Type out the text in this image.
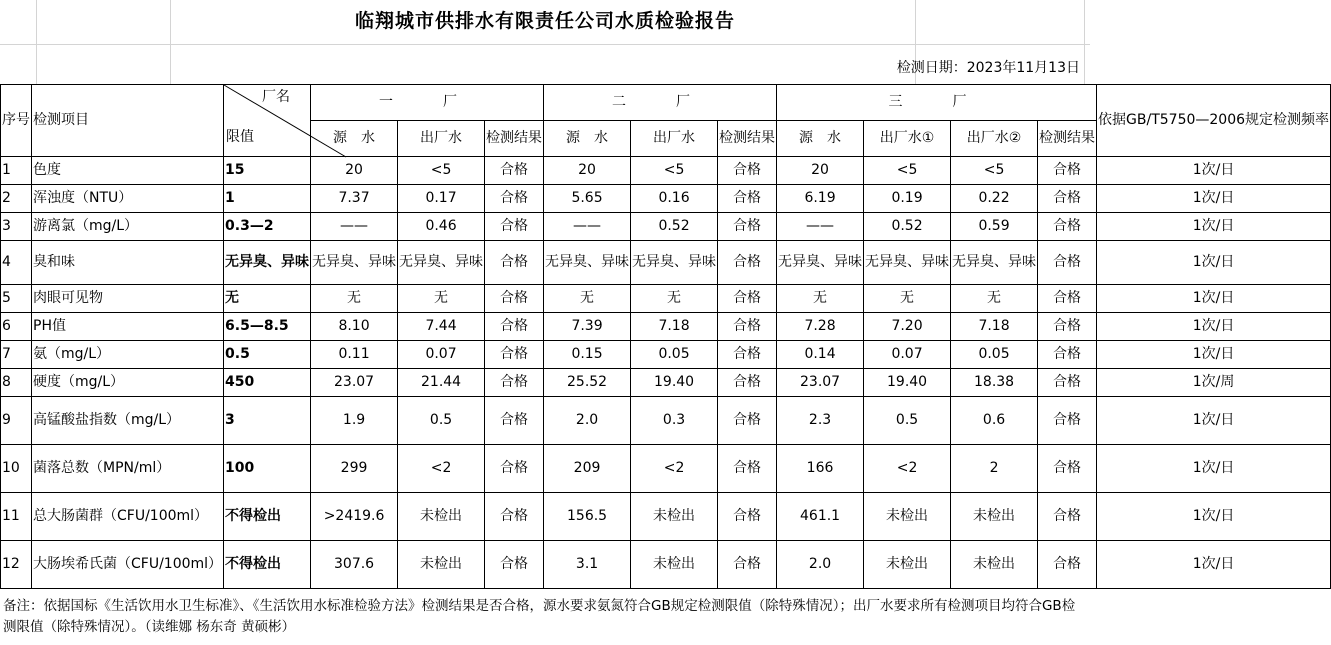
临翔城市供排水有限责任公司水质检验报告
检测日期：2023年11月13日
序号	检测项目	厂名
限值	一　厂			二　厂			三　厂				依据GB/T5750—2006规定检测频率
			源　水	出厂水	检测结果	源　水	出厂水	检测结果	源　水	出厂水①	出厂水②	检测结果	
1	色度	15	20	<5	合格	20	<5	合格	20	<5	<5	合格	1次/日
2	浑浊度（NTU）	1	7.37	0.17	合格	5.65	0.16	合格	6.19	0.19	0.22	合格	1次/日
3	游离氯（mg/L）	0.3—2	——	0.46	合格	——	0.52	合格	——	0.52	0.59	合格	1次/日
4	臭和味	无异臭、异味	无异臭、异味	无异臭、异味	合格	无异臭、异味	无异臭、异味	合格	无异臭、异味	无异臭、异味	无异臭、异味	合格	1次/日
5	肉眼可见物	无	无	无	合格	无	无	合格	无	无	无	合格	1次/日
6	PH值	6.5—8.5	8.10	7.44	合格	7.39	7.18	合格	7.28	7.20	7.18	合格	1次/日
7	氨（mg/L）	0.5	0.11	0.07	合格	0.15	0.05	合格	0.14	0.07	0.05	合格	1次/日
8	硬度（mg/L）	450	23.07	21.44	合格	25.52	19.40	合格	23.07	19.40	18.38	合格	1次/周
9	高锰酸盐指数（mg/L）	3	1.9	0.5	合格	2.0	0.3	合格	2.3	0.5	0.6	合格	1次/日
10	菌落总数（MPN/ml）	100	299	<2	合格	209	<2	合格	166	<2	2	合格	1次/日
11	总大肠菌群（CFU/100ml）	不得检出	>2419.6	未检出	合格	156.5	未检出	合格	461.1	未检出	未检出	合格	1次/日
12	大肠埃希氏菌（CFU/100ml）	不得检出	307.6	未检出	合格	3.1	未检出	合格	2.0	未检出	未检出	合格	1次/日
备注：依据国标《生活饮用水卫生标准》、《生活饮用水标准检验方法》检测结果是否合格，源水要求氨氮符合GB规定检测限值（除特殊情况）；出厂水要求所有检测项目均符合GB检测限值（除特殊情况）。（读维娜 杨东奇 黄硕彬）
